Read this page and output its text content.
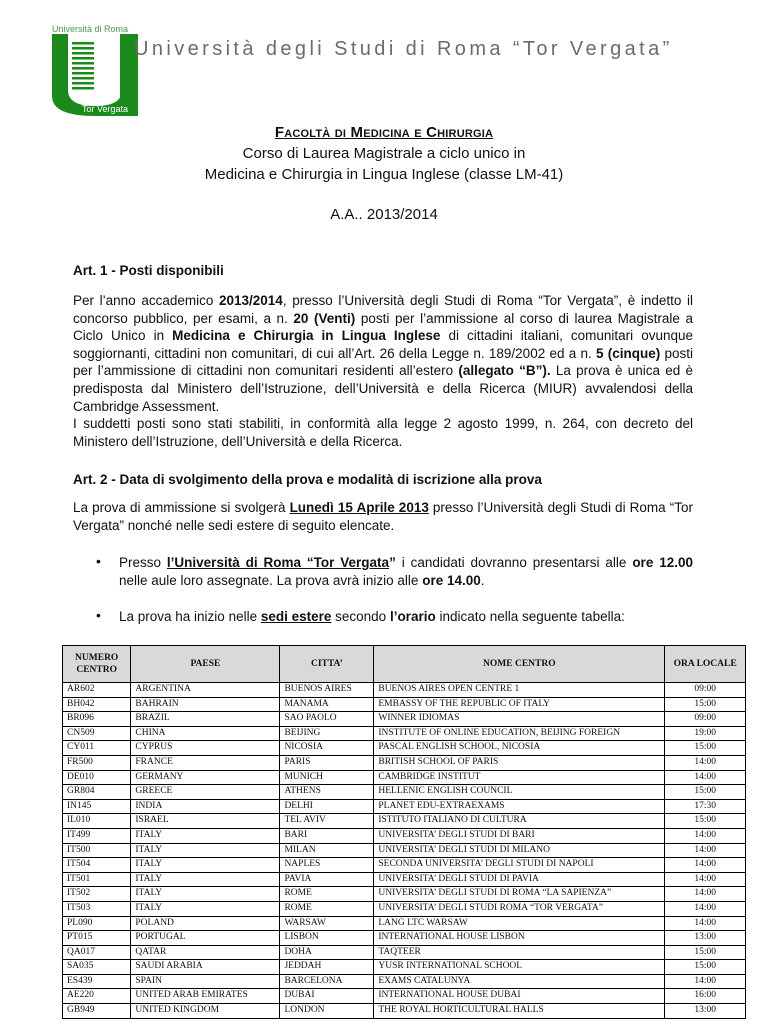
Università di Roma
Tor Vergata
Università degli Studi di Roma “Tor Vergata”
Facoltà di Medicina e Chirurgia
Corso di Laurea Magistrale a ciclo unico in
Medicina e Chirurgia in Lingua Inglese (classe LM-41)
A.A.. 2013/2014
Art. 1 - Posti disponibili
Per l’anno accademico 2013/2014, presso l’Università degli Studi di Roma “Tor Vergata”, è indetto il concorso pubblico, per esami, a n. 20 (Venti) posti per l’ammissione al corso di laurea Magistrale a Ciclo Unico in Medicina e Chirurgia in Lingua Inglese di cittadini italiani, comunitari ovunque soggiornanti, cittadini non comunitari, di cui all’Art. 26 della Legge n. 189/2002 ed a n. 5 (cinque) posti per l’ammissione di cittadini non comunitari residenti all’estero (allegato “B”). La prova è unica ed è predisposta dal Ministero dell’Istruzione, dell’Università e della Ricerca (MIUR) avvalendosi della Cambridge Assessment.
I suddetti posti sono stati stabiliti, in conformità alla legge 2 agosto 1999, n. 264, con decreto del Ministero dell’Istruzione, dell’Università e della Ricerca.
Art. 2 - Data di svolgimento della prova e modalità di iscrizione alla prova
La prova di ammissione si svolgerà Lunedì 15 Aprile 2013 presso l’Università degli Studi di Roma “Tor Vergata” nonché nelle sedi estere di seguito elencate.
• Presso l’Università di Roma “Tor Vergata” i candidati dovranno presentarsi alle ore 12.00 nelle aule loro assegnate. La prova avrà inizio alle ore 14.00.
• La prova ha inizio nelle sedi estere secondo l’orario indicato nella seguente tabella:
NUMERO CENTRO	PAESE	CITTA’	NOME CENTRO	ORA LOCALE
AR602	ARGENTINA	BUENOS AIRES	BUENOS AIRES OPEN CENTRE 1	09:00
BH042	BAHRAIN	MANAMA	EMBASSY OF THE REPUBLIC OF ITALY	15:00
BR096	BRAZIL	SAO PAOLO	WINNER IDIOMAS	09:00
CN509	CHINA	BEIJING	INSTITUTE OF ONLINE EDUCATION, BEIJING FOREIGN	19:00
CY011	CYPRUS	NICOSIA	PASCAL ENGLISH SCHOOL, NICOSIA	15:00
FR500	FRANCE	PARIS	BRITISH SCHOOL OF PARIS	14:00
DE010	GERMANY	MUNICH	CAMBRIDGE INSTITUT	14:00
GR804	GREECE	ATHENS	HELLENIC ENGLISH COUNCIL	15:00
IN145	INDIA	DELHI	PLANET EDU-EXTRAEXAMS	17:30
IL010	ISRAEL	TEL AVIV	ISTITUTO ITALIANO DI CULTURA	15:00
IT499	ITALY	BARI	UNIVERSITA’ DEGLI STUDI DI BARI	14:00
IT500	ITALY	MILAN	UNIVERSITA’ DEGLI STUDI DI MILANO	14:00
IT504	ITALY	NAPLES	SECONDA UNIVERSITA’ DEGLI STUDI DI NAPOLI	14:00
IT501	ITALY	PAVIA	UNIVERSITA’ DEGLI STUDI DI PAVIA	14:00
IT502	ITALY	ROME	UNIVERSITA’ DEGLI STUDI DI ROMA “LA SAPIENZA”	14:00
IT503	ITALY	ROME	UNIVERSITA’ DEGLI STUDI ROMA “TOR VERGATA”	14:00
PL090	POLAND	WARSAW	LANG LTC WARSAW	14:00
PT015	PORTUGAL	LISBON	INTERNATIONAL HOUSE LISBON	13:00
QA017	QATAR	DOHA	TAQTEER	15:00
SA035	SAUDI ARABIA	JEDDAH	YUSR INTERNATIONAL SCHOOL	15:00
ES439	SPAIN	BARCELONA	EXAMS CATALUNYA	14:00
AE220	UNITED ARAB EMIRATES	DUBAI	INTERNATIONAL HOUSE DUBAI	16:00
GB949	UNITED KINGDOM	LONDON	THE ROYAL HORTICULTURAL HALLS	13:00
